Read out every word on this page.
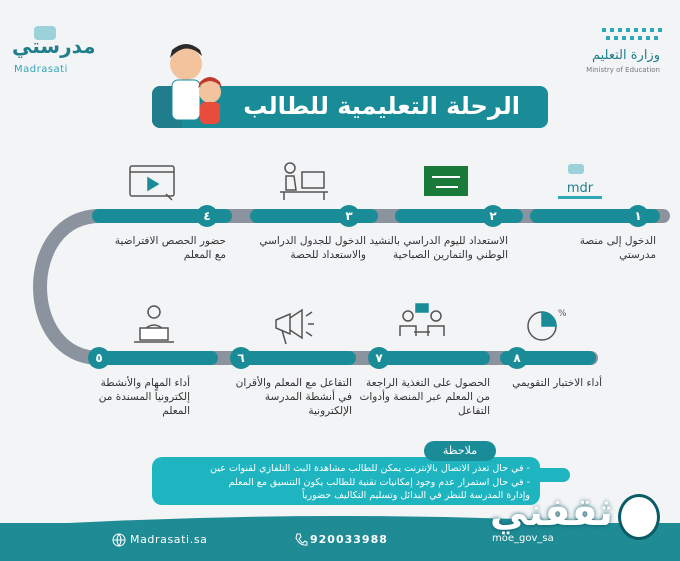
مدرستي
Madrasati
وزارة التعليم
Ministry of Education
الرحلة التعليمية للطالب
١
٢
٣
٤
٥	٦	٧	٨
الدخول إلى منصة مدرستي
الاستعداد لليوم الدراسي بالنشيد الوطني والتمارين الصباحية
الدخول للجدول الدراسي والاستعداد للحصة
حضور الحصص الافتراضية مع المعلم
أداء المهام والأنشطة إلكترونياً المسندة من المعلم
التفاعل مع المعلم والأقران في أنشطة المدرسة الإلكترونية
الحصول على التغذية الراجعة من المعلم عبر المنصة وأدوات التفاعل
أداء الاختبار التقويمي
mdr
%
- في حال تعذر الاتصال بالإنترنت يمكن للطالب مشاهدة البث التلفازي لقنوات عين
- في حال استمرار عدم وجود إمكانيات تقنية للطالب يكون التنسيق مع المعلم
وإدارة المدرسة للنظر في البدائل وتسليم التكاليف حضورياً
ملاحظة
Madrasati.sa	920033988	moe_gov_sa
ثقفني
